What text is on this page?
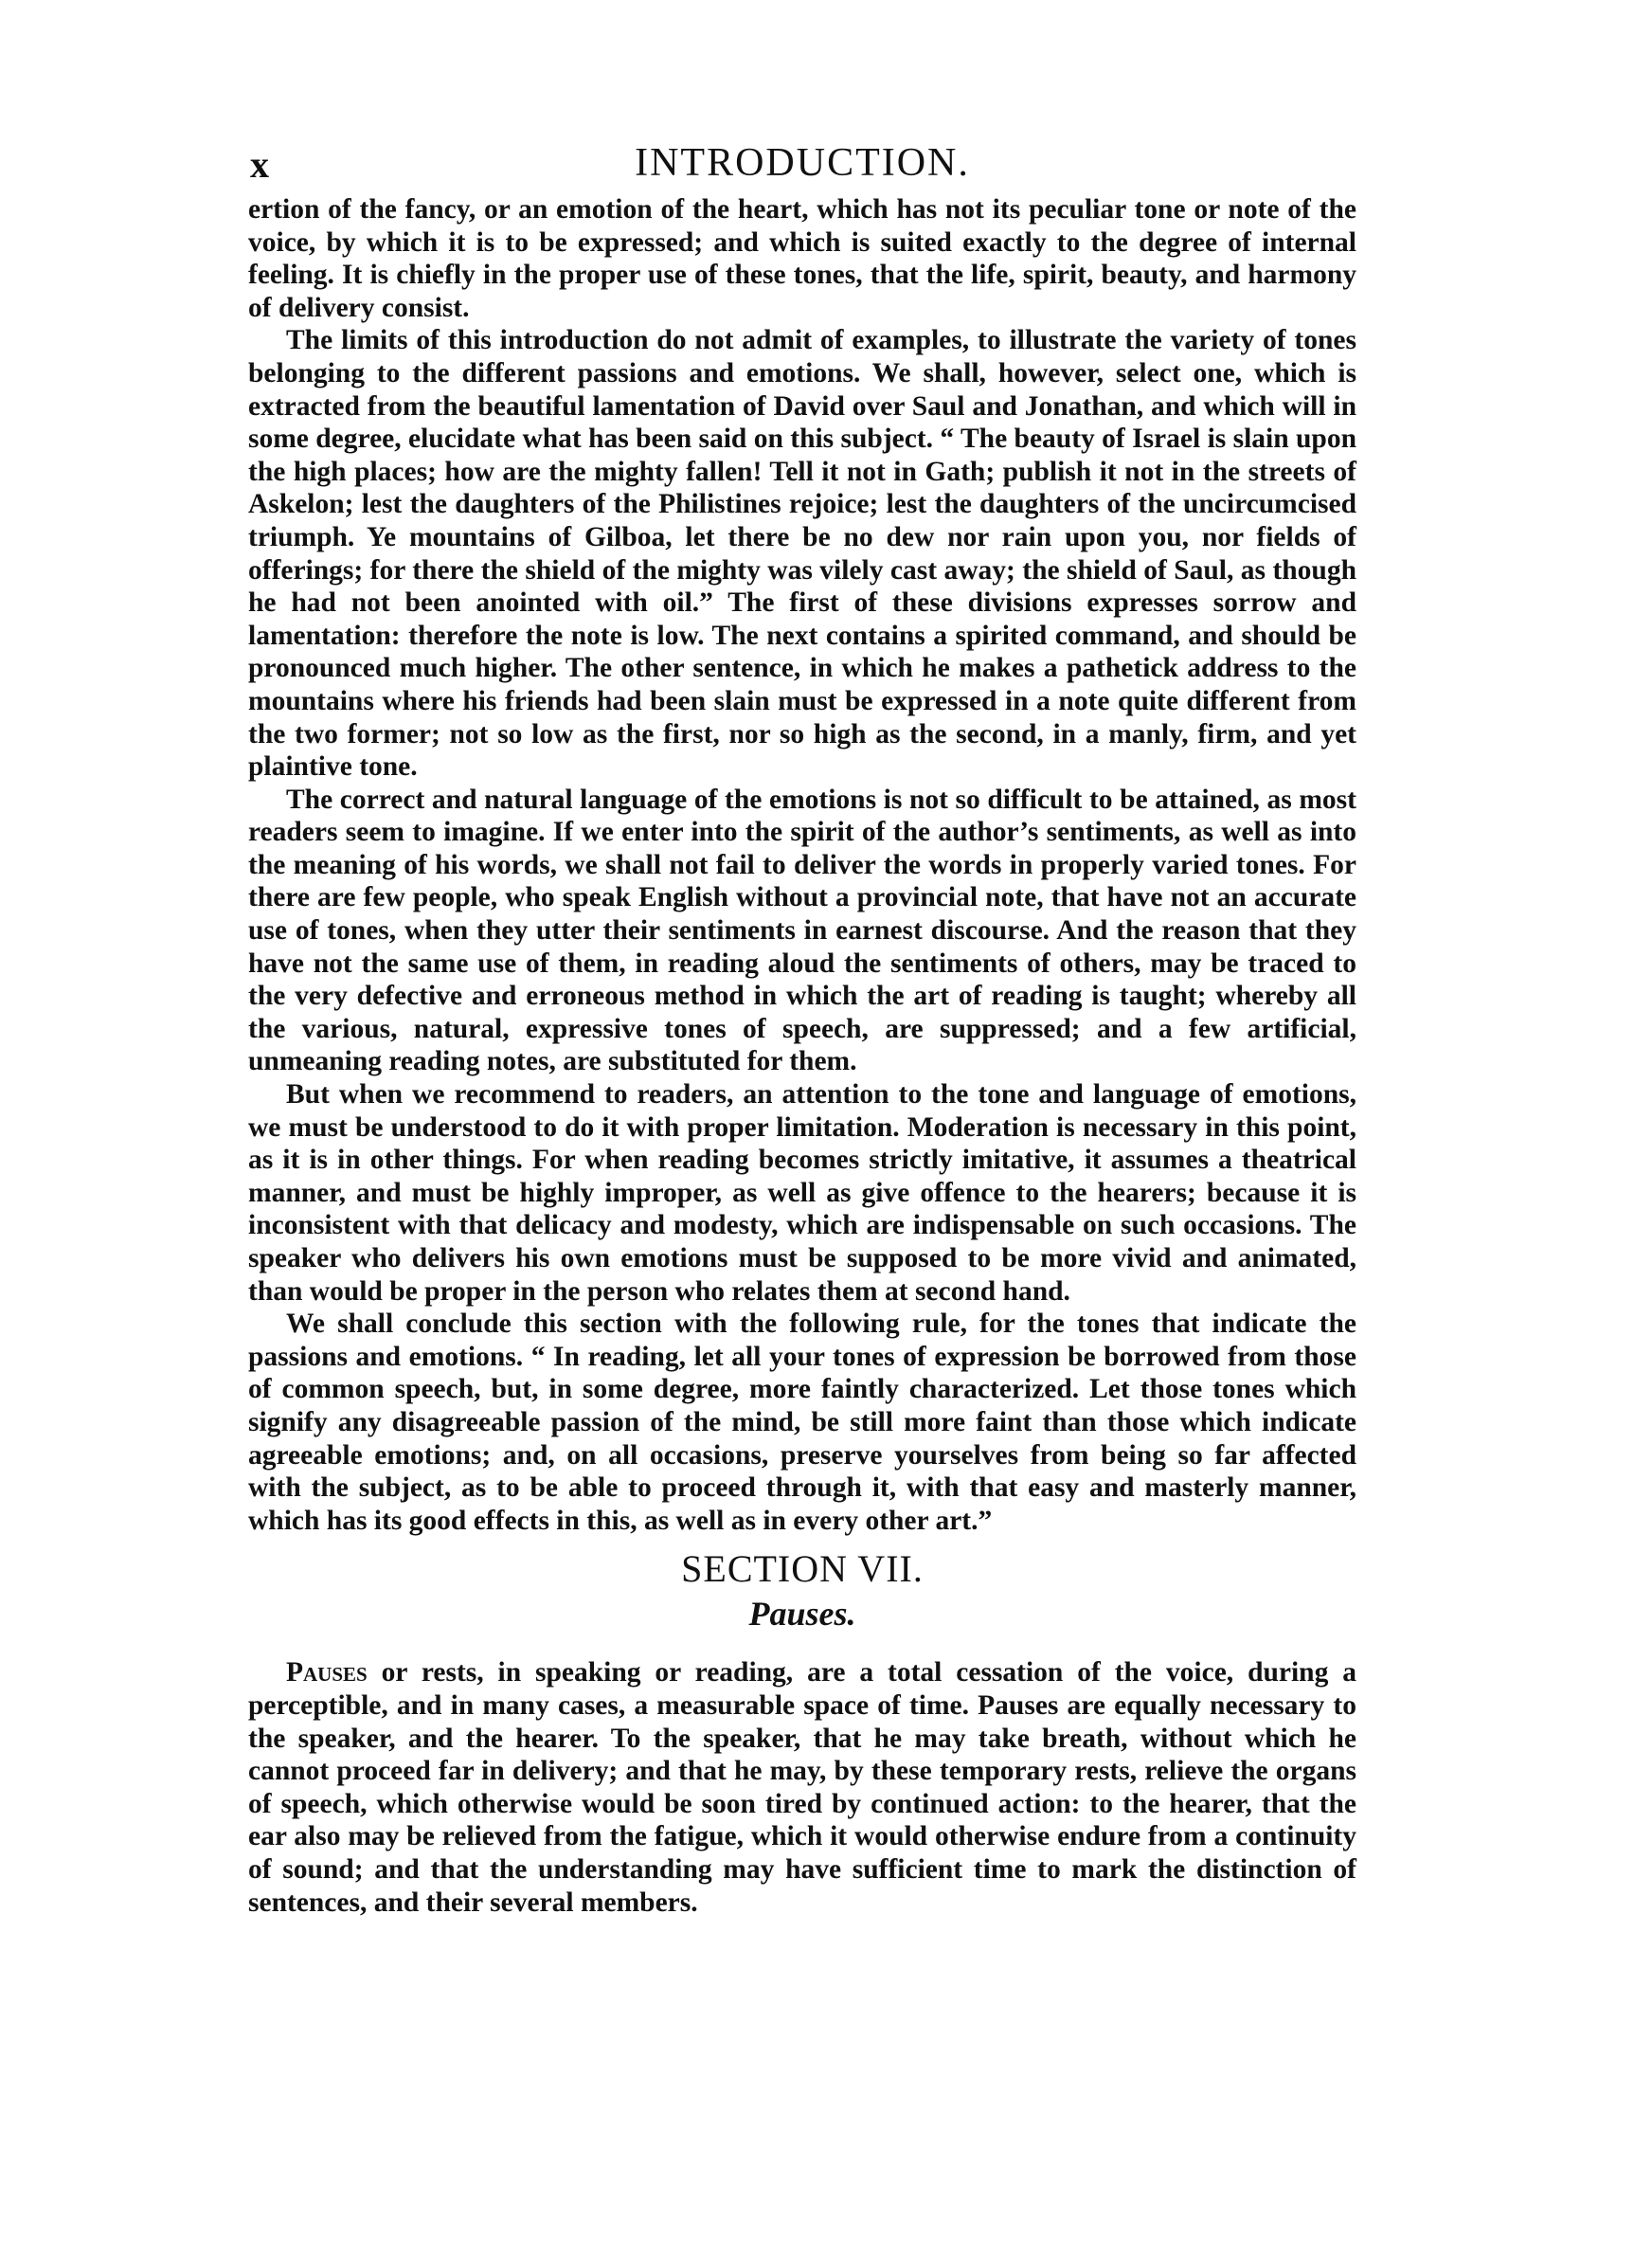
x	INTRODUCTION.

ertion of the fancy, or an emotion of the heart, which has not its peculiar tone or note of the voice, by which it is to be expressed; and which is suited exactly to the degree of internal feeling. It is chiefly in the proper use of these tones, that the life, spirit, beauty, and harmony of delivery consist.

The limits of this introduction do not admit of examples, to illustrate the variety of tones belonging to the different passions and emotions. We shall, however, select one, which is extracted from the beautiful lamentation of David over Saul and Jonathan, and which will in some degree, elucidate what has been said on this subject. “ The beauty of Israel is slain upon the high places; how are the mighty fallen! Tell it not in Gath; publish it not in the streets of Askelon; lest the daughters of the Philistines rejoice; lest the daughters of the uncircumcised triumph. Ye mountains of Gilboa, let there be no dew nor rain upon you, nor fields of offerings; for there the shield of the mighty was vilely cast away; the shield of Saul, as though he had not been anointed with oil.” The first of these divisions expresses sorrow and lamentation: therefore the note is low. The next contains a spirited command, and should be pronounced much higher. The other sentence, in which he makes a pathetick address to the mountains where his friends had been slain must be expressed in a note quite different from the two former; not so low as the first, nor so high as the second, in a manly, firm, and yet plaintive tone.

The correct and natural language of the emotions is not so difficult to be attained, as most readers seem to imagine. If we enter into the spirit of the author’s sentiments, as well as into the meaning of his words, we shall not fail to deliver the words in properly varied tones. For there are few people, who speak English without a provincial note, that have not an accurate use of tones, when they utter their sentiments in earnest discourse. And the reason that they have not the same use of them, in reading aloud the sentiments of others, may be traced to the very defective and erroneous method in which the art of reading is taught; whereby all the various, natural, expressive tones of speech, are suppressed; and a few artificial, unmeaning reading notes, are substituted for them.

But when we recommend to readers, an attention to the tone and language of emotions, we must be understood to do it with proper limitation. Moderation is necessary in this point, as it is in other things. For when reading becomes strictly imitative, it assumes a theatrical manner, and must be highly improper, as well as give offence to the hearers; because it is inconsistent with that delicacy and modesty, which are indispensable on such occasions. The speaker who delivers his own emotions must be supposed to be more vivid and animated, than would be proper in the person who relates them at second hand.

We shall conclude this section with the following rule, for the tones that indicate the passions and emotions. “ In reading, let all your tones of expression be borrowed from those of common speech, but, in some degree, more faintly characterized. Let those tones which signify any disagreeable passion of the mind, be still more faint than those which indicate agreeable emotions; and, on all occasions, preserve yourselves from being so far affected with the subject, as to be able to proceed through it, with that easy and masterly manner, which has its good effects in this, as well as in every other art.”

SECTION VII.
Pauses.

Pauses or rests, in speaking or reading, are a total cessation of the voice, during a perceptible, and in many cases, a measurable space of time. Pauses are equally necessary to the speaker, and the hearer. To the speaker, that he may take breath, without which he cannot proceed far in delivery; and that he may, by these temporary rests, relieve the organs of speech, which otherwise would be soon tired by continued action: to the hearer, that the ear also may be relieved from the fatigue, which it would otherwise endure from a continuity of sound; and that the understanding may have sufficient time to mark the distinction of sentences, and their several members.
